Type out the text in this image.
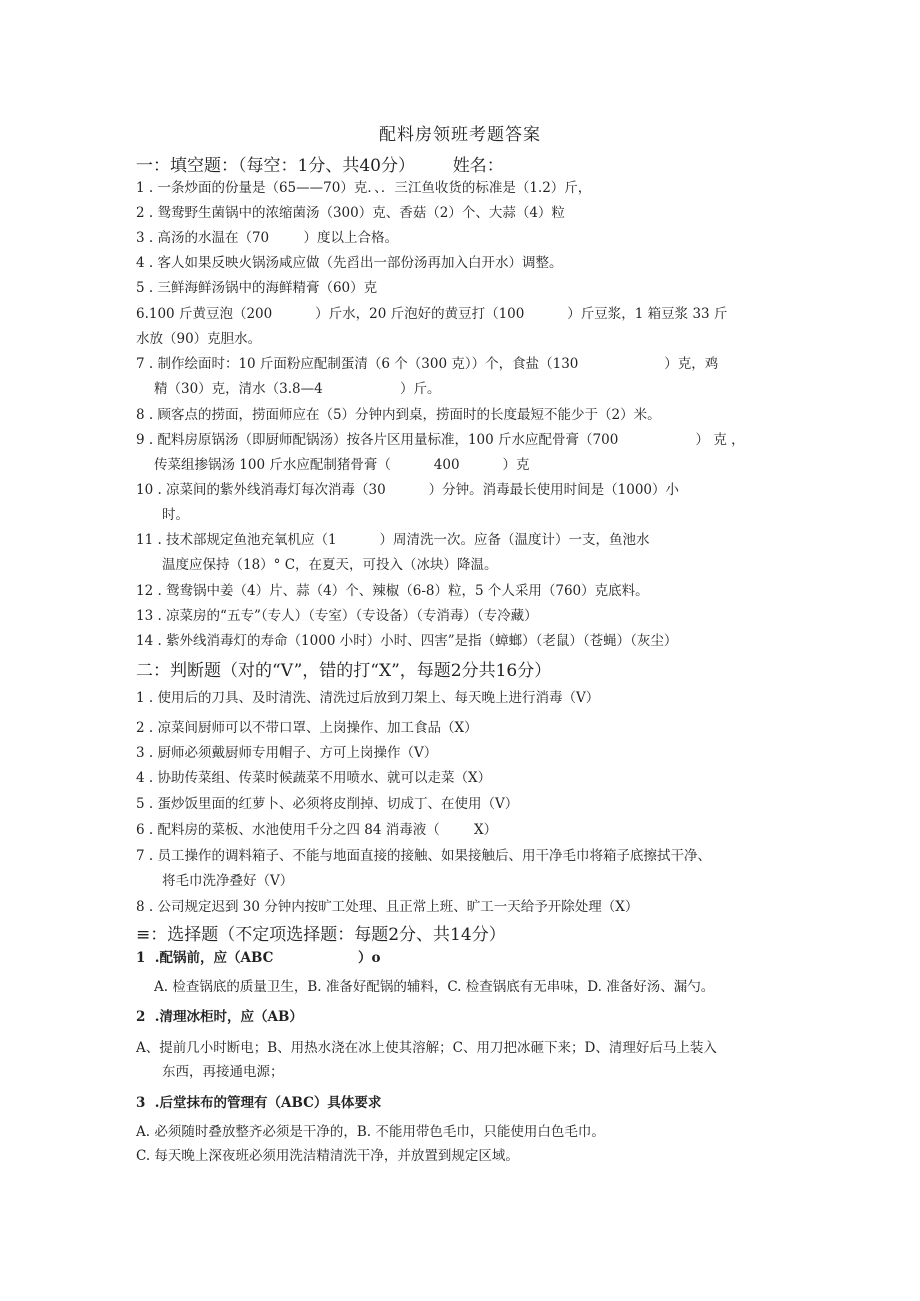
配料房领班考题答案
一：填空题：（每空：1分、共40分） 姓名：
1 . 一条炒面的份量是（65——70）克．、．三江鱼收货的标准是（1.2）斤，
2 . 鸳鸯野生菌锅中的浓缩菌汤（300）克、香菇（2）个、大蒜（4）粒
3 . 高汤的水温在（70        ）度以上合格。
4 . 客人如果反映火锅汤咸应做（先舀出一部份汤再加入白开水）调整。
5 . 三鲜海鲜汤锅中的海鲜精膏（60）克
6.100 斤黄豆泡（200          ）斤水，20 斤泡好的黄豆打（100          ）斤豆浆，1 箱豆浆 33 斤
水放（90）克胆水。
7 . 制作绘面时：10 斤面粉应配制蛋清（6 个（300 克））个，食盐（130                    ）克，鸡
精（30）克，清水（3.8—4                  ）斤。
8 . 顾客点的捞面，捞面师应在（5）分钟内到桌，捞面时的长度最短不能少于（2）米。
9 . 配料房原锅汤（即厨师配锅汤）按各片区用量标准，100 斤水应配骨膏（700                  ） 克 ，
传菜组掺锅汤 100 斤水应配制猪骨膏（          400          ）克
10 . 凉菜间的紫外线消毒灯每次消毒（30          ）分钟。消毒最长使用时间是（1000）小
时。
11 . 技术部规定鱼池充氧机应（1          ）周清洗一次。应备（温度计）一支，鱼池水
温度应保持（18）° C，在夏天，可投入（冰块）降温。
12 . 鸳鸯锅中姜（4）片、蒜（4）个、辣椒（6-8）粒，5 个人采用（760）克底料。
13 . 凉菜房的“五专”（专人）（专室）（专设备）（专消毒）（专冷藏）
14 . 紫外线消毒灯的寿命（1000 小时）小时、四害”是指（蟑螂）（老鼠）（苍蝇）（灰尘）
二：判断题（对的“V”，错的打“X”，每题2分共16分）
1 . 使用后的刀具、及时清洗、清洗过后放到刀架上、每天晚上进行消毒（V）
2 . 凉菜间厨师可以不带口罩、上岗操作、加工食品（X）
3 . 厨师必须戴厨师专用帽子、方可上岗操作（V）
4 . 协助传菜组、传菜时候蔬菜不用喷水、就可以走菜（X）
5 . 蛋炒饭里面的红萝卜、必须将皮削掉、切成丁、在使用（V）
6 . 配料房的菜板、水池使用千分之四 84 消毒液（        X）
7 . 员工操作的调料箱子、不能与地面直接的接触、如果接触后、用干净毛巾将箱子底擦拭干净、
将毛巾洗净叠好（V）
8 . 公司规定迟到 30 分钟内按旷工处理、且正常上班、旷工一天给予开除处理（X）
≡：选择题（不定项选择题：每题2分、共14分）
1  .配锅前，应（ABC                  ）o
A. 检查锅底的质量卫生，B. 准备好配锅的辅料，C. 检查锅底有无串味，D. 准备好汤、漏勺。
2  .清理冰柜时，应（AB）
A、提前几小时断电；B、用热水浇在冰上使其溶解；C、用刀把冰砸下来；D、清理好后马上装入
东西，再接通电源；
3  .后堂抹布的管理有（ABC）具体要求
A. 必须随时叠放整齐必须是干净的，B. 不能用带色毛巾，只能使用白色毛巾。
C. 每天晚上深夜班必须用洗洁精清洗干净，并放置到规定区域。
